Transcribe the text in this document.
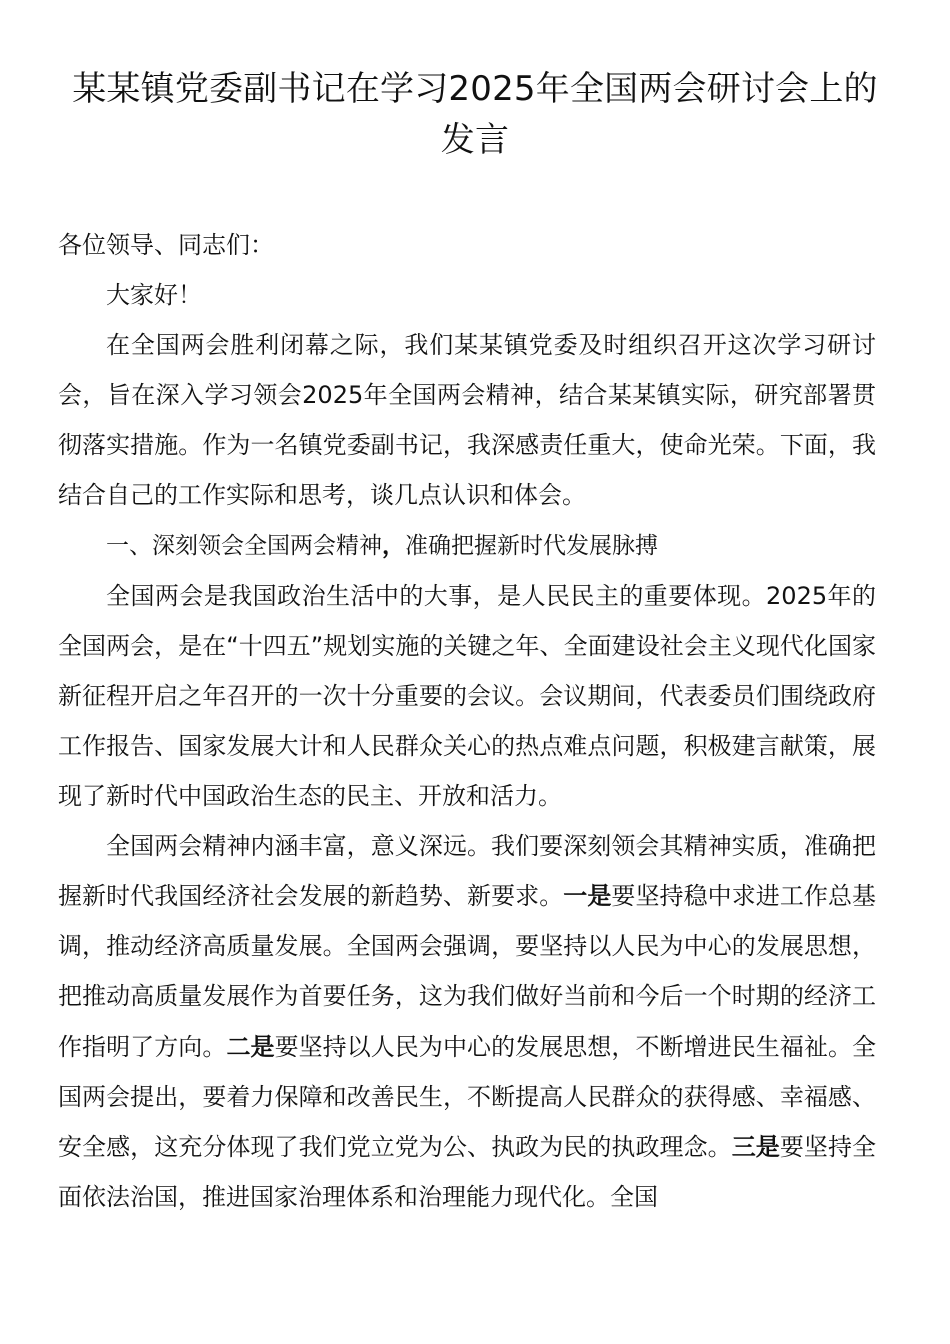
某某镇党委副书记在学习2025年全国两会研讨会上的发言

各位领导、同志们：

大家好！

在全国两会胜利闭幕之际，我们某某镇党委及时组织召开这次学习研讨会，旨在深入学习领会2025年全国两会精神，结合某某镇实际，研究部署贯彻落实措施。作为一名镇党委副书记，我深感责任重大，使命光荣。下面，我结合自己的工作实际和思考，谈几点认识和体会。

一、深刻领会全国两会精神，准确把握新时代发展脉搏

全国两会是我国政治生活中的大事，是人民民主的重要体现。2025年的全国两会，是在“十四五”规划实施的关键之年、全面建设社会主义现代化国家新征程开启之年召开的一次十分重要的会议。会议期间，代表委员们围绕政府工作报告、国家发展大计和人民群众关心的热点难点问题，积极建言献策，展现了新时代中国政治生态的民主、开放和活力。

全国两会精神内涵丰富，意义深远。我们要深刻领会其精神实质，准确把握新时代我国经济社会发展的新趋势、新要求。一是要坚持稳中求进工作总基调，推动经济高质量发展。全国两会强调，要坚持以人民为中心的发展思想，把推动高质量发展作为首要任务，这为我们做好当前和今后一个时期的经济工作指明了方向。二是要坚持以人民为中心的发展思想，不断增进民生福祉。全国两会提出，要着力保障和改善民生，不断提高人民群众的获得感、幸福感、安全感，这充分体现了我们党立党为公、执政为民的执政理念。三是要坚持全面依法治国，推进国家治理体系和治理能力现代化。全国
